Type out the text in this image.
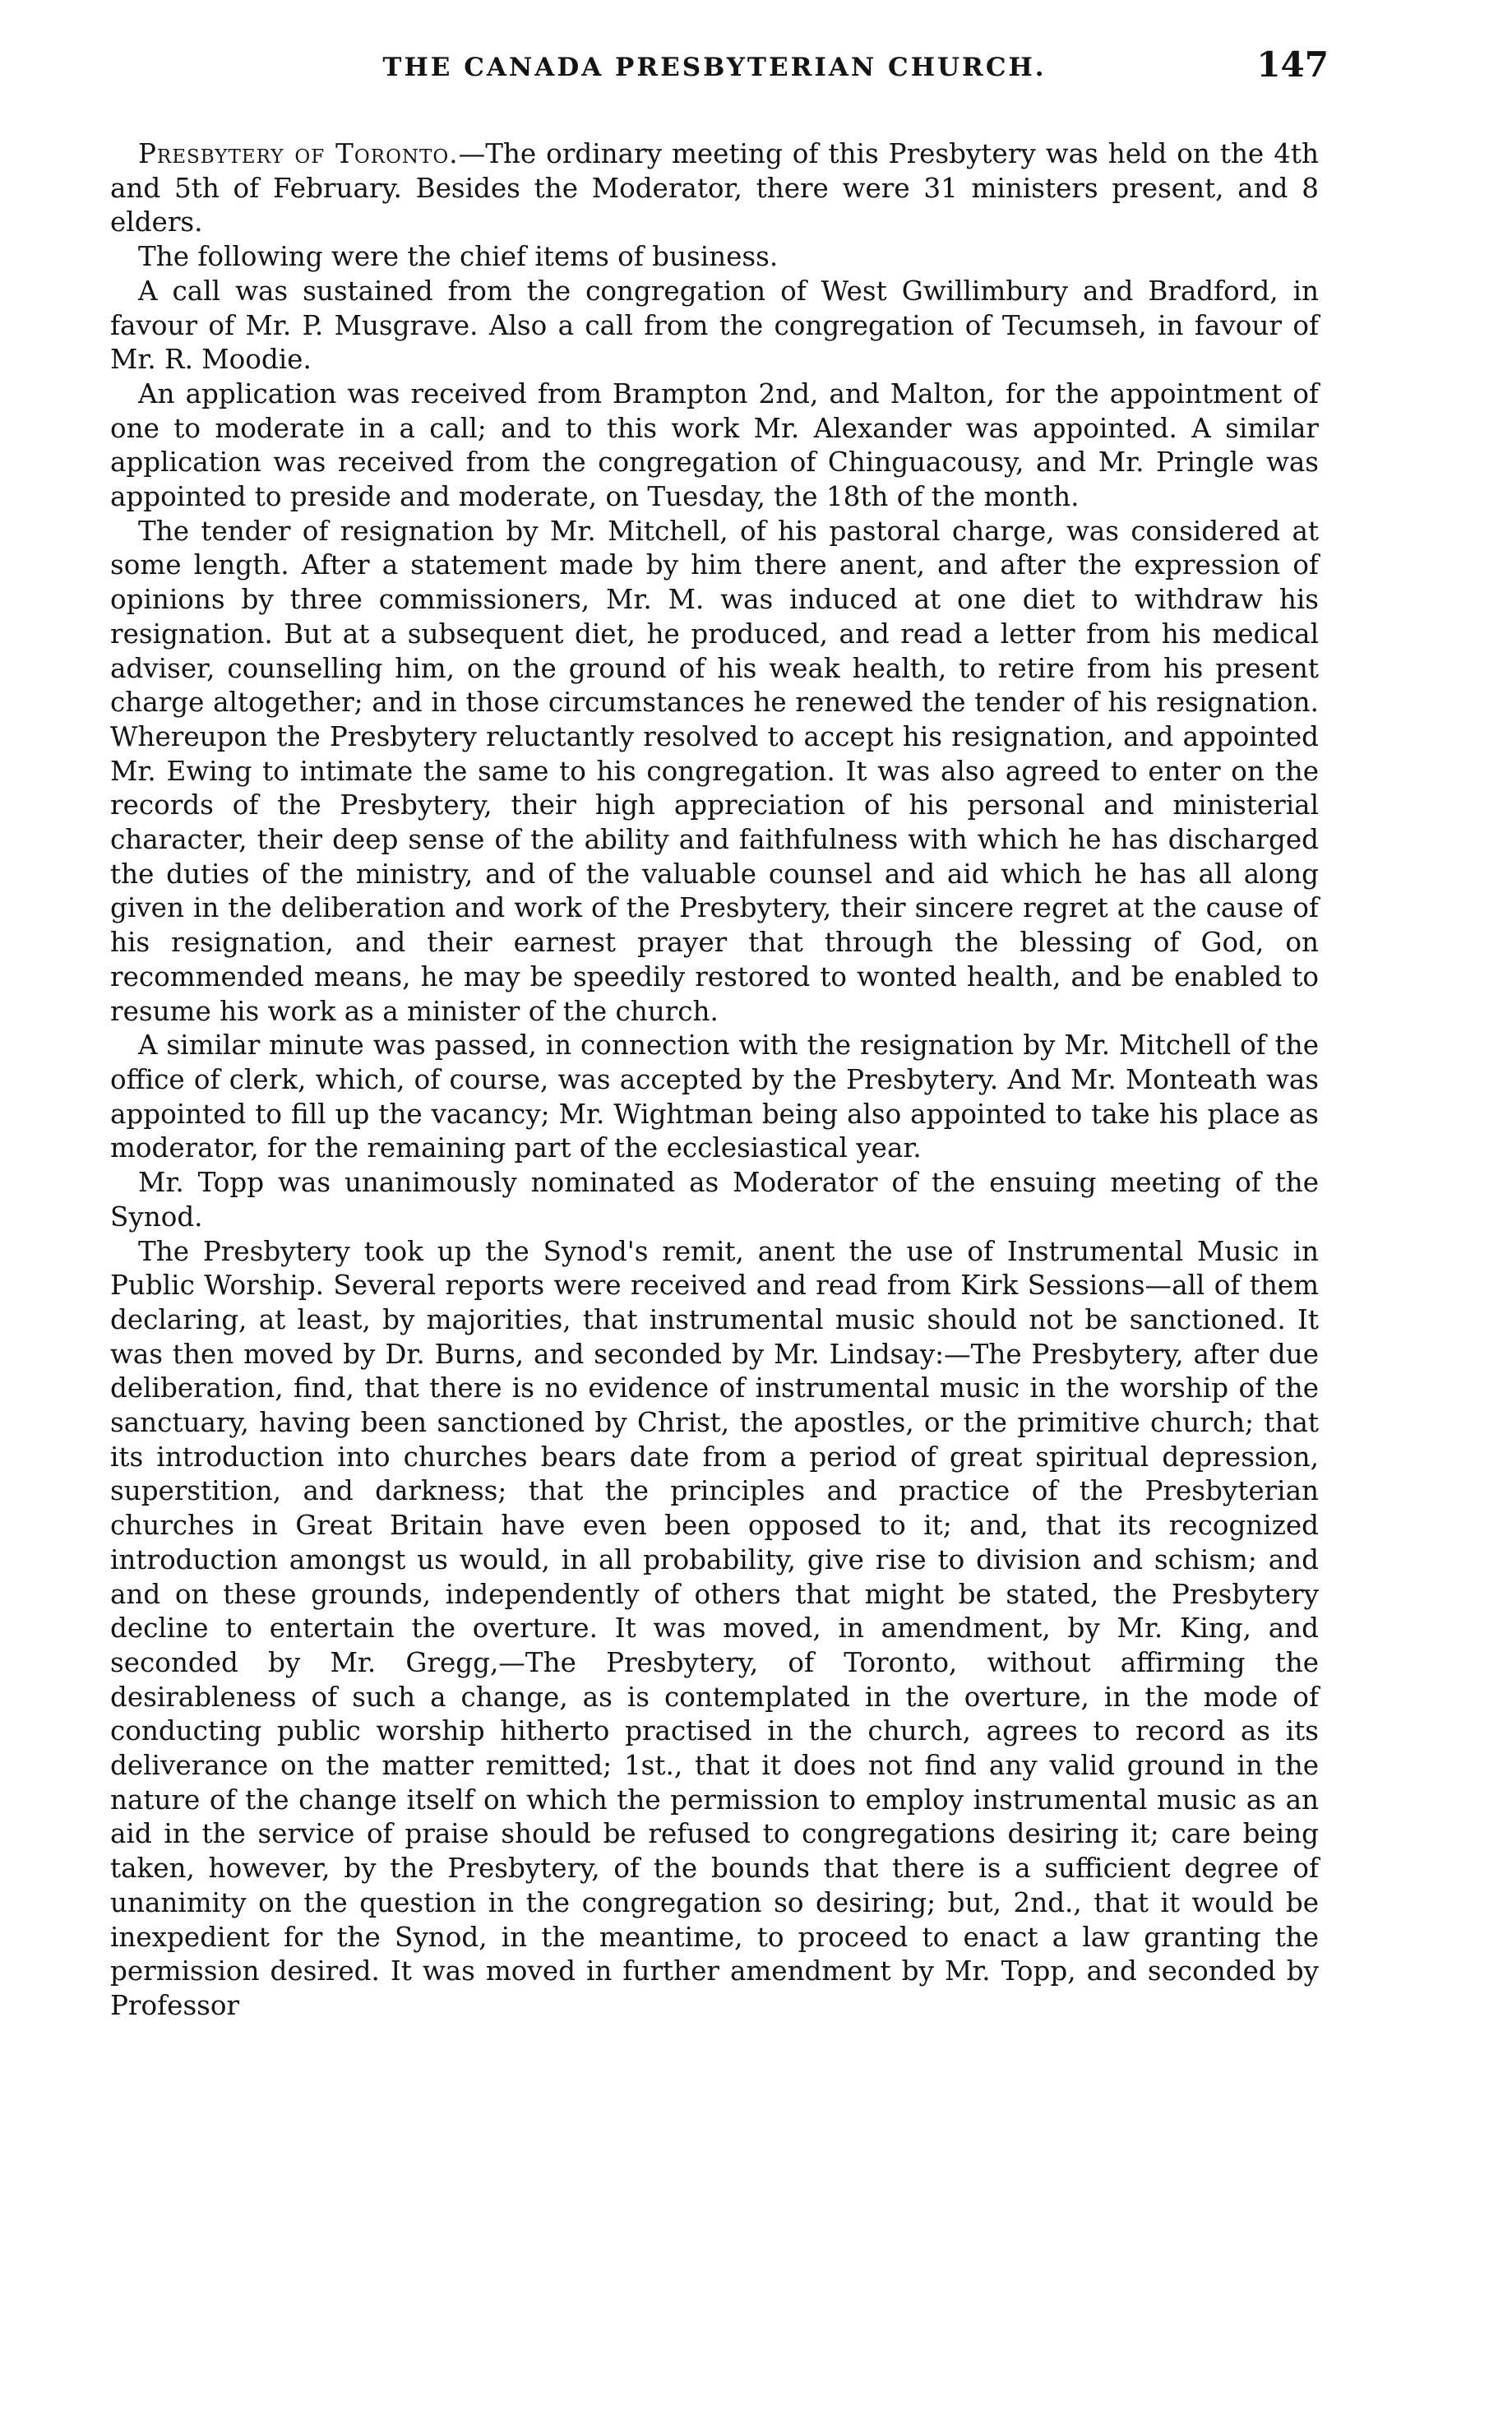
THE CANADA PRESBYTERIAN CHURCH.	147

Presbytery of Toronto.—The ordinary meeting of this Presbytery was held on the 4th and 5th of February. Besides the Moderator, there were 31 ministers present, and 8 elders.

The following were the chief items of business.

A call was sustained from the congregation of West Gwillimbury and Bradford, in favour of Mr. P. Musgrave. Also a call from the congregation of Tecumseh, in favour of Mr. R. Moodie.

An application was received from Brampton 2nd, and Malton, for the appointment of one to moderate in a call; and to this work Mr. Alexander was appointed. A similar application was received from the congregation of Chinguacousy, and Mr. Pringle was appointed to preside and moderate, on Tuesday, the 18th of the month.

The tender of resignation by Mr. Mitchell, of his pastoral charge, was considered at some length. After a statement made by him there anent, and after the expression of opinions by three commissioners, Mr. M. was induced at one diet to withdraw his resignation. But at a subsequent diet, he produced, and read a letter from his medical adviser, counselling him, on the ground of his weak health, to retire from his present charge altogether; and in those circumstances he renewed the tender of his resignation. Whereupon the Presbytery reluctantly resolved to accept his resignation, and appointed Mr. Ewing to intimate the same to his congregation. It was also agreed to enter on the records of the Presbytery, their high appreciation of his personal and ministerial character, their deep sense of the ability and faithfulness with which he has discharged the duties of the ministry, and of the valuable counsel and aid which he has all along given in the deliberation and work of the Presbytery, their sincere regret at the cause of his resignation, and their earnest prayer that through the blessing of God, on recommended means, he may be speedily restored to wonted health, and be enabled to resume his work as a minister of the church.

A similar minute was passed, in connection with the resignation by Mr. Mitchell of the office of clerk, which, of course, was accepted by the Presbytery. And Mr. Monteath was appointed to fill up the vacancy; Mr. Wightman being also appointed to take his place as moderator, for the remaining part of the ecclesiastical year.

Mr. Topp was unanimously nominated as Moderator of the ensuing meeting of the Synod.

The Presbytery took up the Synod's remit, anent the use of Instrumental Music in Public Worship. Several reports were received and read from Kirk Sessions—all of them declaring, at least, by majorities, that instrumental music should not be sanctioned. It was then moved by Dr. Burns, and seconded by Mr. Lindsay:—The Presbytery, after due deliberation, find, that there is no evidence of instrumental music in the worship of the sanctuary, having been sanctioned by Christ, the apostles, or the primitive church; that its introduction into churches bears date from a period of great spiritual depression, superstition, and darkness; that the principles and practice of the Presbyterian churches in Great Britain have even been opposed to it; and, that its recognized introduction amongst us would, in all probability, give rise to division and schism; and and on these grounds, independently of others that might be stated, the Presbytery decline to entertain the overture. It was moved, in amendment, by Mr. King, and seconded by Mr. Gregg,—The Presbytery, of Toronto, without affirming the desirableness of such a change, as is contemplated in the overture, in the mode of conducting public worship hitherto practised in the church, agrees to record as its deliverance on the matter remitted; 1st., that it does not find any valid ground in the nature of the change itself on which the permission to employ instrumental music as an aid in the service of praise should be refused to congregations desiring it; care being taken, however, by the Presbytery, of the bounds that there is a sufficient degree of unanimity on the question in the congregation so desiring; but, 2nd., that it would be inexpedient for the Synod, in the meantime, to proceed to enact a law granting the permission desired. It was moved in further amendment by Mr. Topp, and seconded by Professor
